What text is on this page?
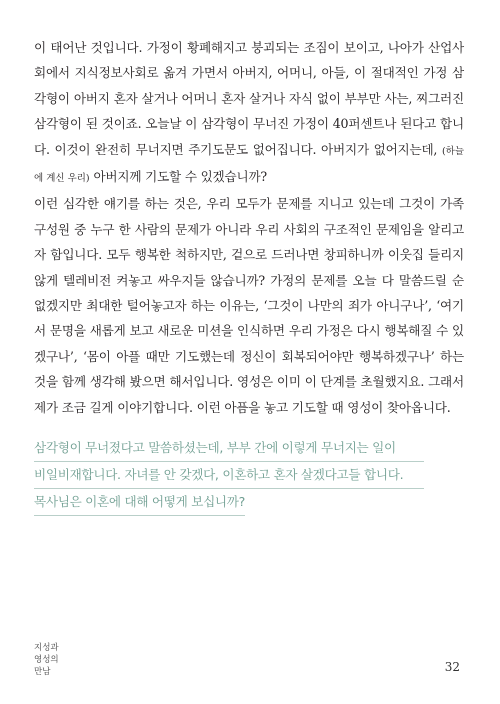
이 태어난 것입니다. 가정이 황폐해지고 붕괴되는 조짐이 보이고, 나아가 산업사회에서 지식정보사회로 옮겨 가면서 아버지, 어머니, 아들, 이 절대적인 가정 삼각형이 아버지 혼자 살거나 어머니 혼자 살거나 자식 없이 부부만 사는, 찌그러진 삼각형이 된 것이죠. 오늘날 이 삼각형이 무너진 가정이 40퍼센트나 된다고 합니다. 이것이 완전히 무너지면 주기도문도 없어집니다. 아버지가 없어지는데, (하늘에 계신 우리) 아버지께 기도할 수 있겠습니까?

이런 심각한 얘기를 하는 것은, 우리 모두가 문제를 지니고 있는데 그것이 가족 구성원 중 누구 한 사람의 문제가 아니라 우리 사회의 구조적인 문제임을 알리고자 함입니다. 모두 행복한 척하지만, 겉으로 드러나면 창피하니까 이웃집 들리지 않게 텔레비전 켜놓고 싸우지들 않습니까? 가정의 문제를 오늘 다 말씀드릴 순 없겠지만 최대한 털어놓고자 하는 이유는, ‘그것이 나만의 죄가 아니구나’, ‘여기서 문명을 새롭게 보고 새로운 미션을 인식하면 우리 가정은 다시 행복해질 수 있겠구나’, ‘몸이 아플 때만 기도했는데 정신이 회복되어야만 행복하겠구나’ 하는 것을 함께 생각해 봤으면 해서입니다. 영성은 이미 이 단계를 초월했지요. 그래서 제가 조금 길게 이야기합니다. 이런 아픔을 놓고 기도할 때 영성이 찾아옵니다.

삼각형이 무너졌다고 말씀하셨는데, 부부 간에 이렇게 무너지는 일이
비일비재합니다. 자녀를 안 갖겠다, 이혼하고 혼자 살겠다고들 합니다.
목사님은 이혼에 대해 어떻게 보십니까?
지성과
영성의
만남	32
